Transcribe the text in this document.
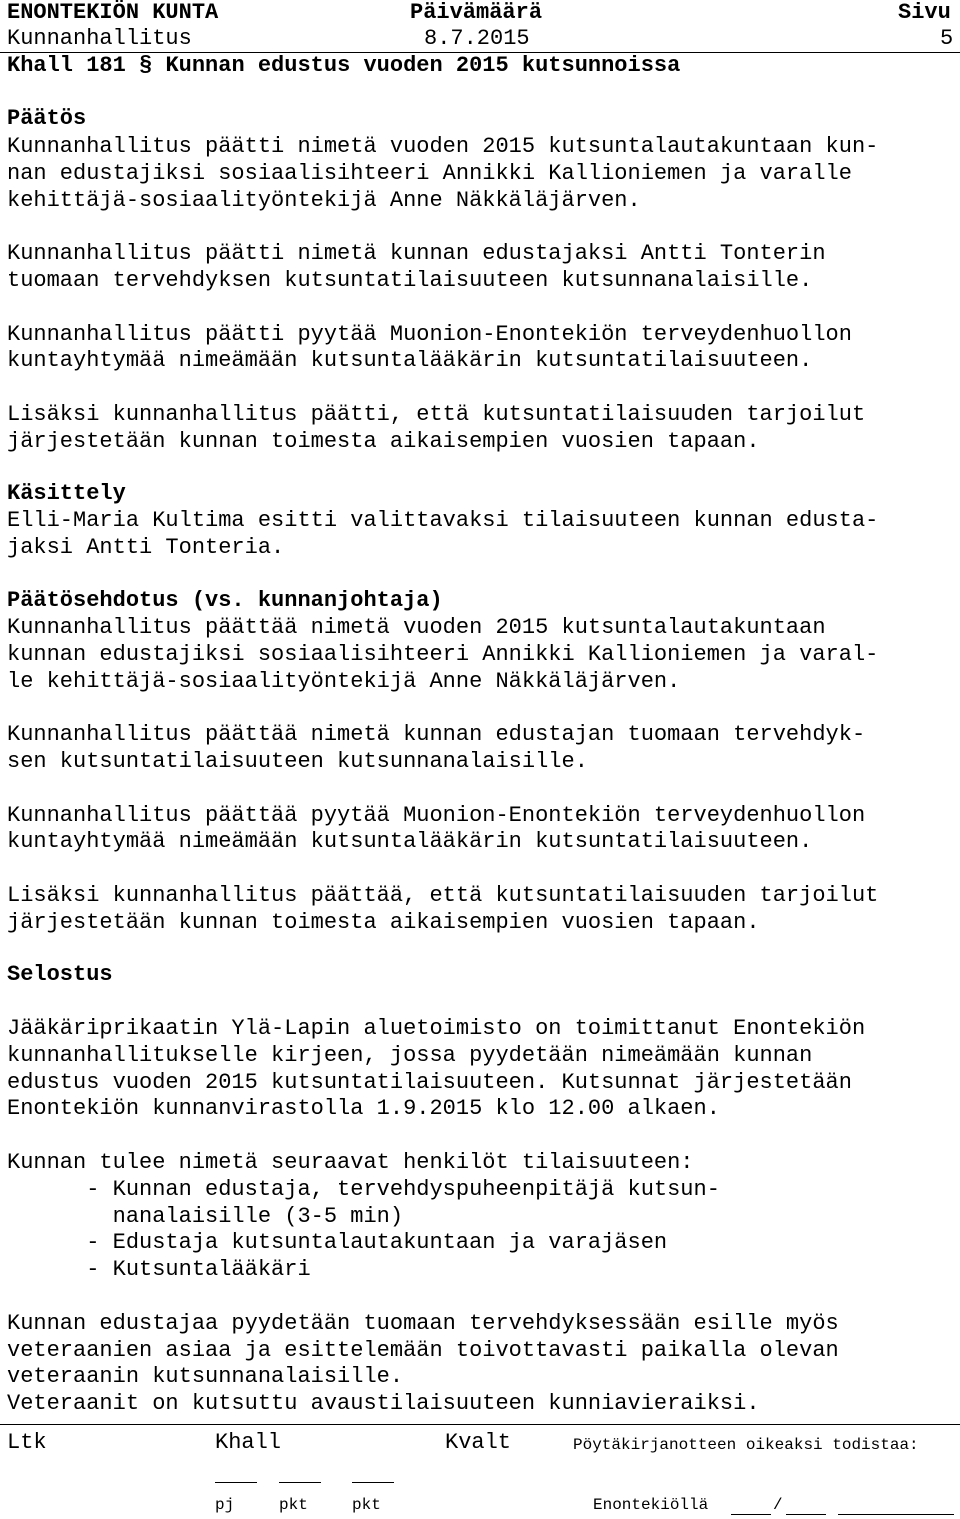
ENONTEKIÖN KUNTA	Päivämäärä	Sivu
Kunnanhallitus	8.7.2015	5
Khall 181 § Kunnan edustus vuoden 2015 kutsunnoissa
Päätös
Kunnanhallitus päätti nimetä vuoden 2015 kutsuntalautakuntaan kun-
nan edustajiksi sosiaalisihteeri Annikki Kallioniemen ja varalle
kehittäjä-sosiaalityöntekijä Anne Näkkäläjärven.
Kunnanhallitus päätti nimetä kunnan edustajaksi Antti Tonterin
tuomaan tervehdyksen kutsuntatilaisuuteen kutsunnanalaisille.
Kunnanhallitus päätti pyytää Muonion-Enontekiön terveydenhuollon
kuntayhtymää nimeämään kutsuntalääkärin kutsuntatilaisuuteen.
Lisäksi kunnanhallitus päätti, että kutsuntatilaisuuden tarjoilut
järjestetään kunnan toimesta aikaisempien vuosien tapaan.
Käsittely
Elli-Maria Kultima esitti valittavaksi tilaisuuteen kunnan edusta-
jaksi Antti Tonteria.
Päätösehdotus (vs. kunnanjohtaja)
Kunnanhallitus päättää nimetä vuoden 2015 kutsuntalautakuntaan
kunnan edustajiksi sosiaalisihteeri Annikki Kallioniemen ja varal-
le kehittäjä-sosiaalityöntekijä Anne Näkkäläjärven.
Kunnanhallitus päättää nimetä kunnan edustajan tuomaan tervehdyk-
sen kutsuntatilaisuuteen kutsunnanalaisille.
Kunnanhallitus päättää pyytää Muonion-Enontekiön terveydenhuollon
kuntayhtymää nimeämään kutsuntalääkärin kutsuntatilaisuuteen.
Lisäksi kunnanhallitus päättää, että kutsuntatilaisuuden tarjoilut
järjestetään kunnan toimesta aikaisempien vuosien tapaan.
Selostus
Jääkäriprikaatin Ylä-Lapin aluetoimisto on toimittanut Enontekiön
kunnanhallitukselle kirjeen, jossa pyydetään nimeämään kunnan
edustus vuoden 2015 kutsuntatilaisuuteen. Kutsunnat järjestetään
Enontekiön kunnanvirastolla 1.9.2015 klo 12.00 alkaen.
Kunnan tulee nimetä seuraavat henkilöt tilaisuuteen:
- Kunnan edustaja, tervehdyspuheenpitäjä kutsun-
nanalaisille (3-5 min)
- Edustaja kutsuntalautakuntaan ja varajäsen
- Kutsuntalääkäri
Kunnan edustajaa pyydetään tuomaan tervehdyksessään esille myös
veteraanien asiaa ja esittelemään toivottavasti paikalla olevan
veteraanin kutsunnanalaisille.
Veteraanit on kutsuttu avaustilaisuuteen kunniavieraiksi.
Ltk	Khall	Kvalt	Pöytäkirjanotteen oikeaksi todistaa:
pj	pkt	pkt	Enontekiöllä	/
